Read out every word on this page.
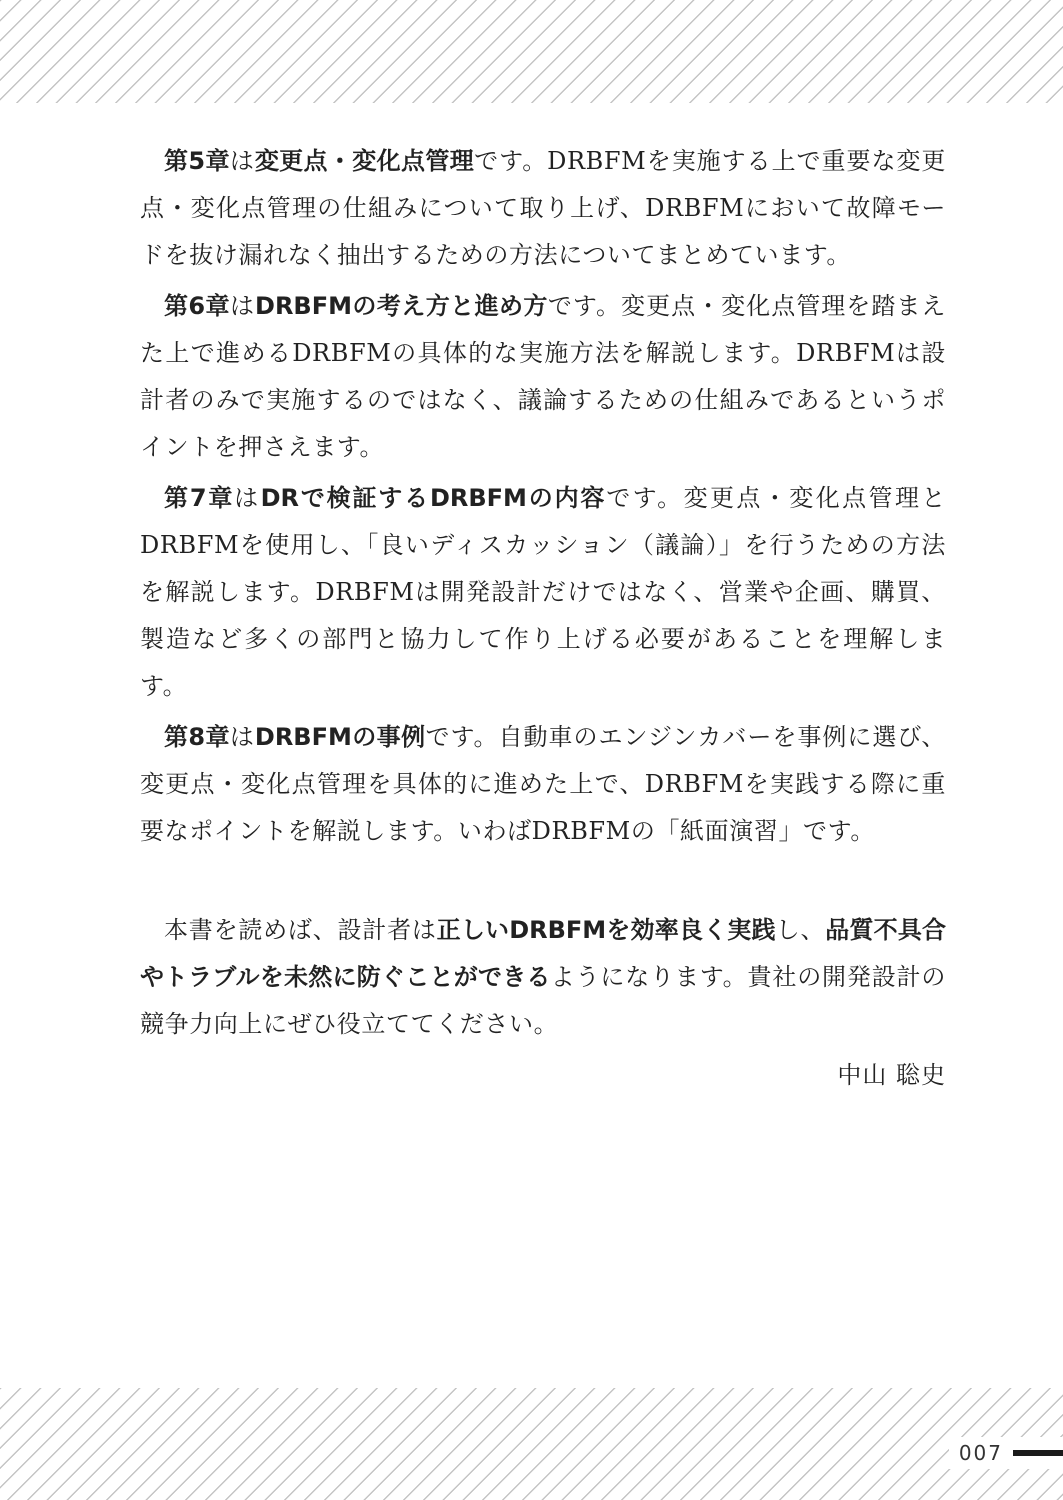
第5章は変更点・変化点管理です。DRBFMを実施する上で重要な変更点・変化点管理の仕組みについて取り上げ、DRBFMにおいて故障モードを抜け漏れなく抽出するための方法についてまとめています。

第6章はDRBFMの考え方と進め方です。変更点・変化点管理を踏まえた上で進めるDRBFMの具体的な実施方法を解説します。DRBFMは設計者のみで実施するのではなく、議論するための仕組みであるというポイントを押さえます。

第7章はDRで検証するDRBFMの内容です。変更点・変化点管理とDRBFMを使用し、「良いディスカッション（議論）」を行うための方法を解説します。DRBFMは開発設計だけではなく、営業や企画、購買、製造など多くの部門と協力して作り上げる必要があることを理解します。

第8章はDRBFMの事例です。自動車のエンジンカバーを事例に選び、変更点・変化点管理を具体的に進めた上で、DRBFMを実践する際に重要なポイントを解説します。いわばDRBFMの「紙面演習」です。

本書を読めば、設計者は正しいDRBFMを効率良く実践し、品質不具合やトラブルを未然に防ぐことができるようになります。貴社の開発設計の競争力向上にぜひ役立ててください。

中山 聡史
007
